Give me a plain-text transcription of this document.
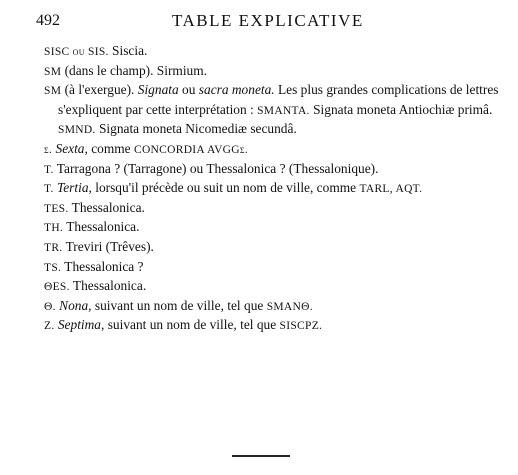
492	TABLE EXPLICATIVE

SISC ou SIS. Siscia.

SM (dans le champ). Sirmium.

SM (à l'exergue). Signata ou sacra moneta. Les plus grandes complications de lettres s'expliquent par cette interprétation : SMANTA. Signata moneta Antiochiæ primâ. SMND. Signata moneta Nicomediæ secundâ.

ς. Sexta, comme CONCORDIA AVGGς.

T. Tarragona ? (Tarragone) ou Thessalonica ? (Thessalonique).

T. Tertia, lorsqu'il précède ou suit un nom de ville, comme TARL, AQT.

TES. Thessalonica.

TH. Thessalonica.

TR. Treviri (Trêves).

TS. Thessalonica ?

ΘES. Thessalonica.

Θ. Nona, suivant un nom de ville, tel que SMANΘ.

Z. Septima, suivant un nom de ville, tel que SISCPZ.
